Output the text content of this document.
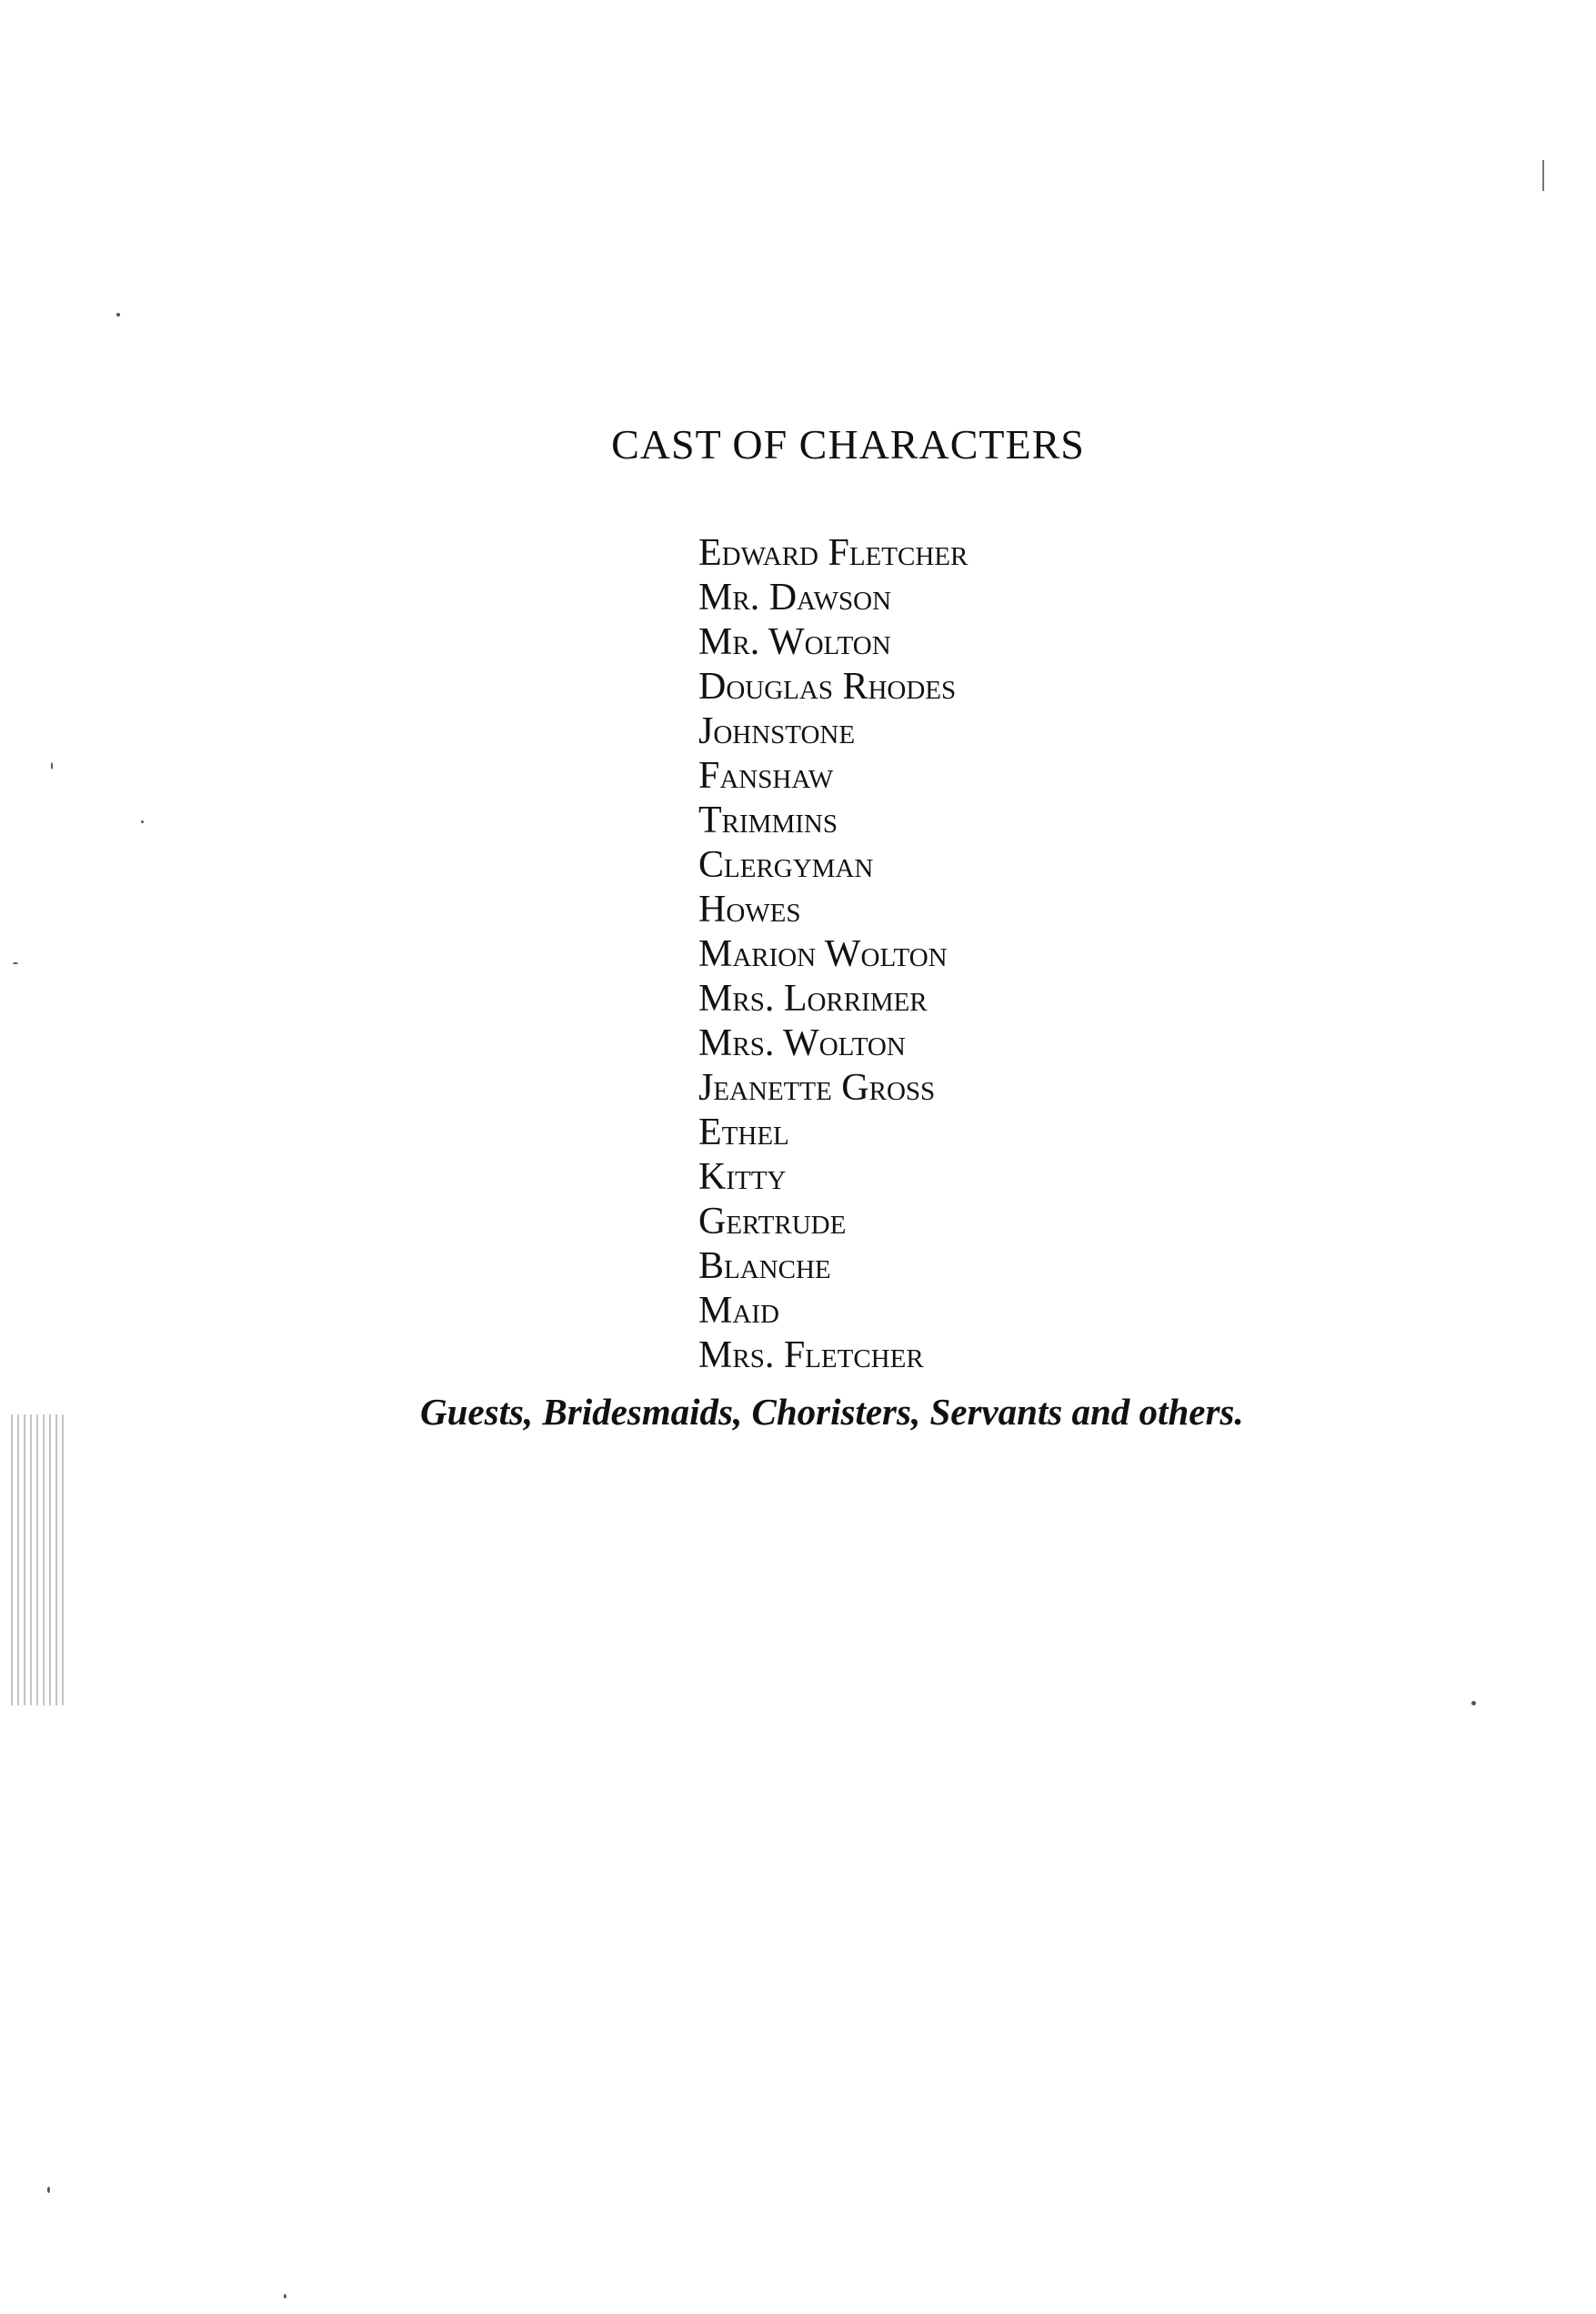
CAST OF CHARACTERS
Edward Fletcher
Mr. Dawson
Mr. Wolton
Douglas Rhodes
Johnstone
Fanshaw
Trimmins
Clergyman
Howes
Marion Wolton
Mrs. Lorrimer
Mrs. Wolton
Jeanette Gross
Ethel
Kitty
Gertrude
Blanche
Maid
Mrs. Fletcher
Guests, Bridesmaids, Choristers, Servants and others.
